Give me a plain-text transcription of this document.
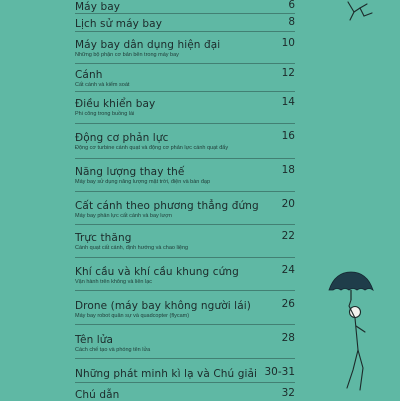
Máy bay	6
Lịch sử máy bay	8
Máy bay dân dụng hiện đại	10
Những bộ phận cơ bản bên trong máy bay
Cánh	12
Cất cánh và kiểm soát
Điều khiển bay	14
Phi công trong buồng lái
Động cơ phản lực	16
Động cơ turbine cánh quạt và động cơ phản lực cánh quạt đẩy
Năng lượng thay thế	18
Máy bay sử dụng năng lượng mặt trời, điện và bàn đạp
Cất cánh theo phương thẳng đứng 20
Máy bay phản lực cất cánh và bay lượn
Trực thăng	22
Cánh quạt cất cánh, định hướng và chao liệng
Khí cầu và khí cầu khung cứng	24
Vận hành trên không và liên lạc
Drone (máy bay không người lái)	26
Máy bay robot quân sự và quadcopter (flycam)
Tên lửa	28
Cách chế tạo và phóng tên lửa
Những phát minh kì lạ và Chú giải 30-31
Chú dẫn	32
